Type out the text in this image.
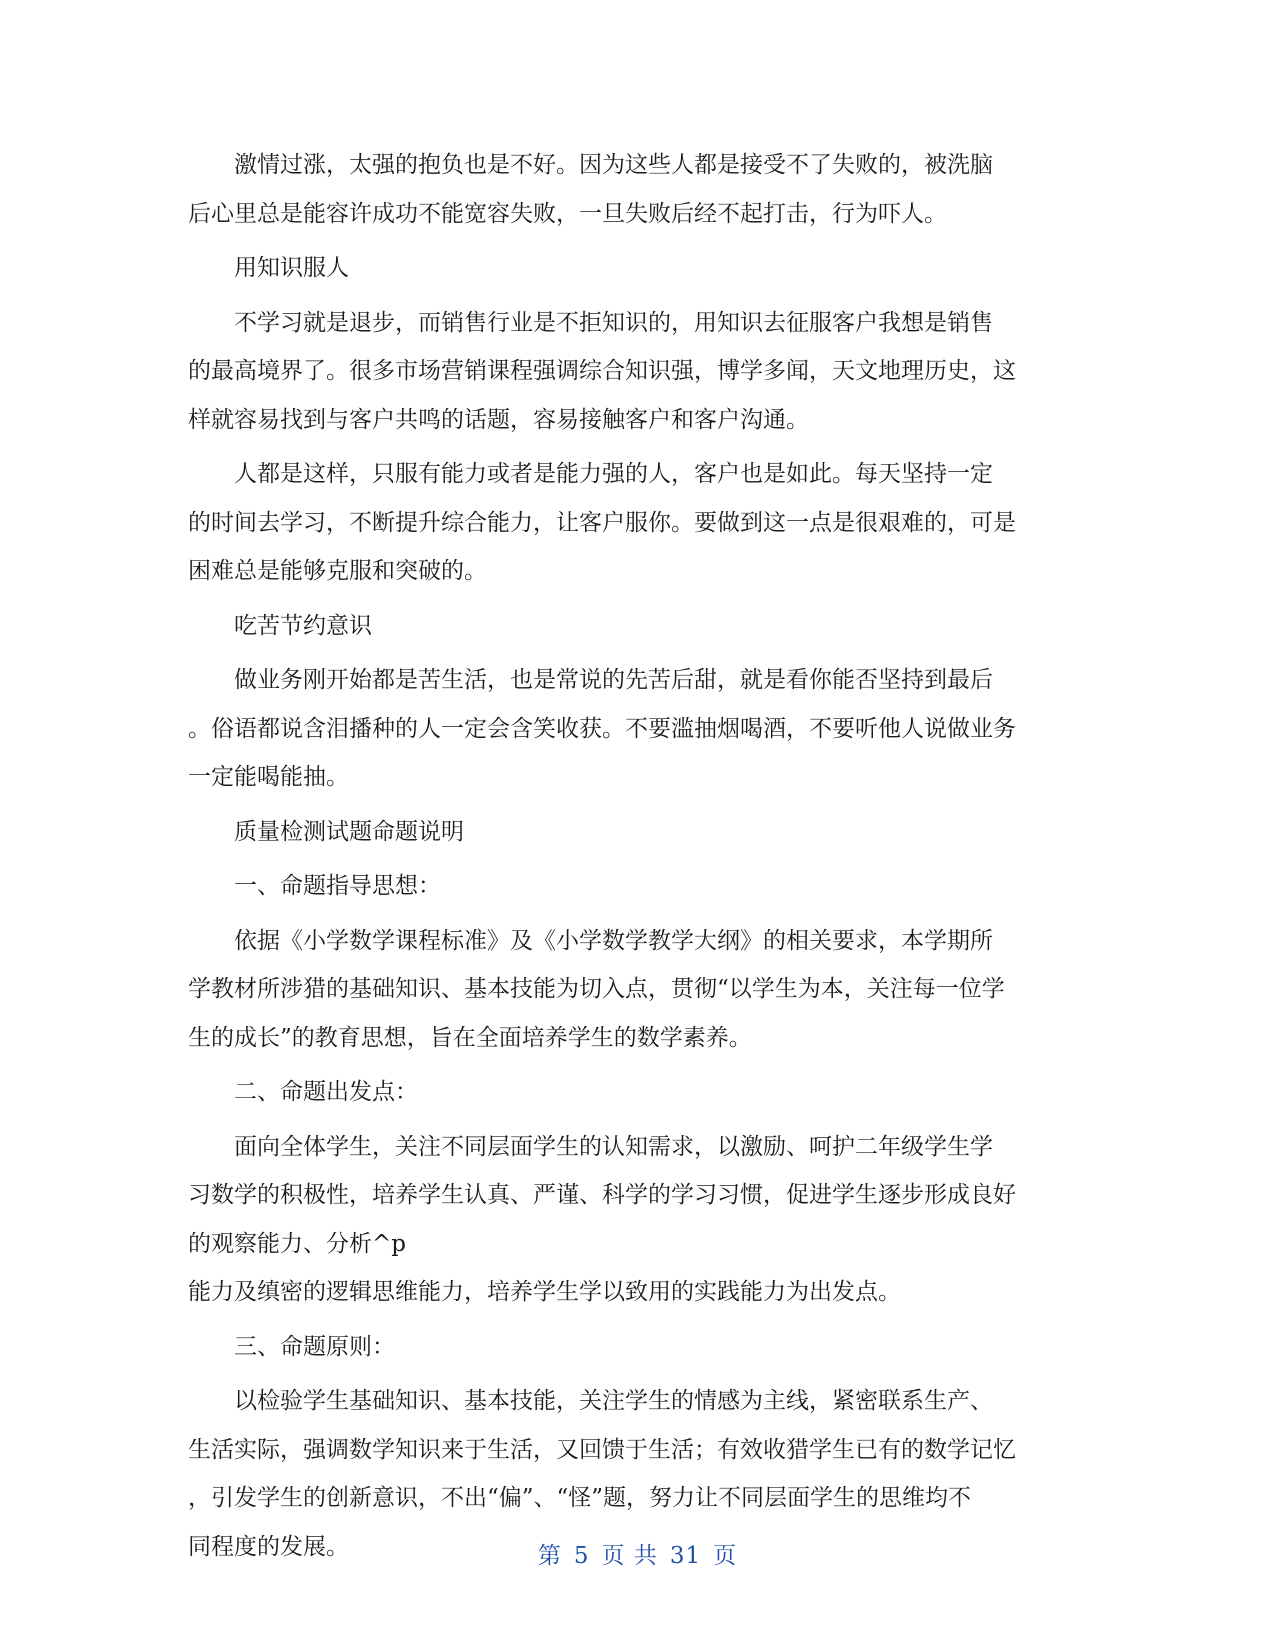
激情过涨，太强的抱负也是不好。因为这些人都是接受不了失败的，被洗脑
后心里总是能容许成功不能宽容失败，一旦失败后经不起打击，行为吓人。
用知识服人
不学习就是退步，而销售行业是不拒知识的，用知识去征服客户我想是销售
的最高境界了。很多市场营销课程强调综合知识强，博学多闻，天文地理历史，这
样就容易找到与客户共鸣的话题，容易接触客户和客户沟通。
人都是这样，只服有能力或者是能力强的人，客户也是如此。每天坚持一定
的时间去学习，不断提升综合能力，让客户服你。要做到这一点是很艰难的，可是
困难总是能够克服和突破的。
吃苦节约意识
做业务刚开始都是苦生活，也是常说的先苦后甜，就是看你能否坚持到最后
。俗语都说含泪播种的人一定会含笑收获。不要滥抽烟喝酒，不要听他人说做业务
一定能喝能抽。
质量检测试题命题说明
一、命题指导思想：
依据《小学数学课程标准》及《小学数学教学大纲》的相关要求，本学期所
学教材所涉猎的基础知识、基本技能为切入点，贯彻“以学生为本，关注每一位学
生的成长”的教育思想，旨在全面培养学生的数学素养。
二、命题出发点：
面向全体学生，关注不同层面学生的认知需求，以激励、呵护二年级学生学
习数学的积极性，培养学生认真、严谨、科学的学习习惯，促进学生逐步形成良好
的观察能力、分析^p
能力及缜密的逻辑思维能力，培养学生学以致用的实践能力为出发点。
三、命题原则：
以检验学生基础知识、基本技能，关注学生的情感为主线，紧密联系生产、
生活实际，强调数学知识来于生活，又回馈于生活；有效收猎学生已有的数学记忆
，引发学生的创新意识，不出“偏”、“怪”题，努力让不同层面学生的思维均不
同程度的发展。	第 5 页 共 31 页
